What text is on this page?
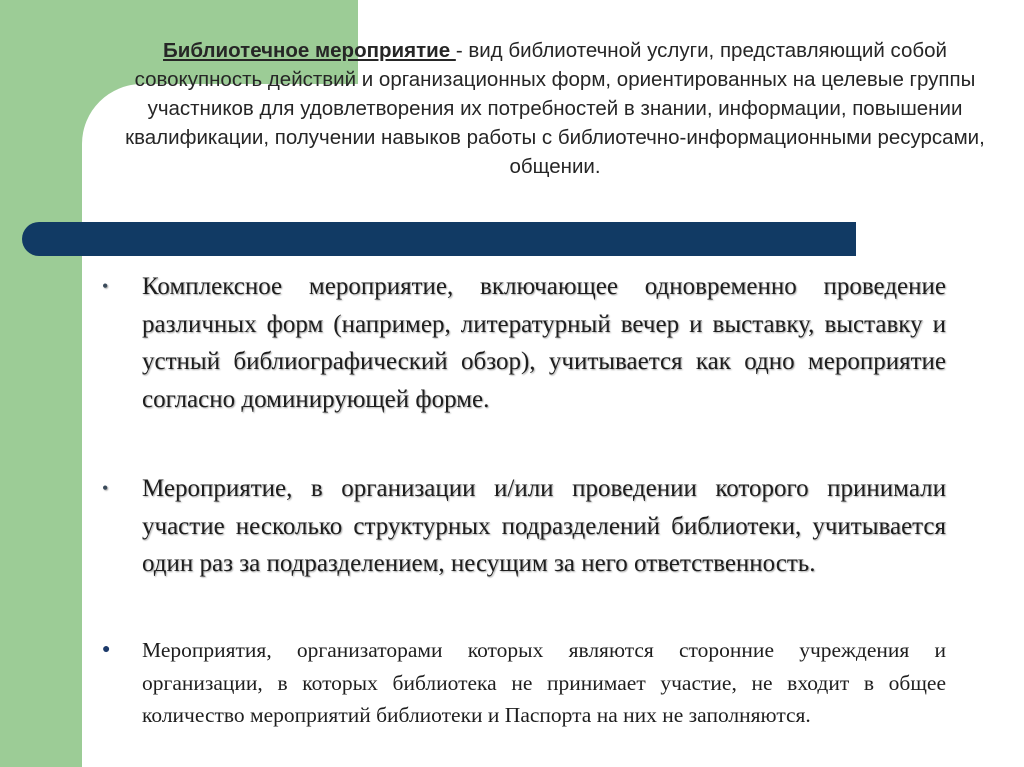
Библиотечное мероприятие - вид библиотечной услуги, представляющий собой совокупность действий и организационных форм, ориентированных на целевые группы участников для удовлетворения их потребностей в знании, информации, повышении квалификации, получении навыков работы с библиотечно-информационными ресурсами, общении.
• Комплексное мероприятие, включающее одновременно проведение различных форм (например, литературный вечер и выставку, выставку и устный библиографический обзор), учитывается как одно мероприятие согласно доминирующей форме.
• Мероприятие, в организации и/или проведении которого принимали участие несколько структурных подразделений библиотеки, учитывается один раз за подразделением, несущим за него ответственность.
● Мероприятия, организаторами которых являются сторонние учреждения и организации, в которых библиотека не принимает участие, не входит в общее количество мероприятий библиотеки и Паспорта на них не заполняются.
